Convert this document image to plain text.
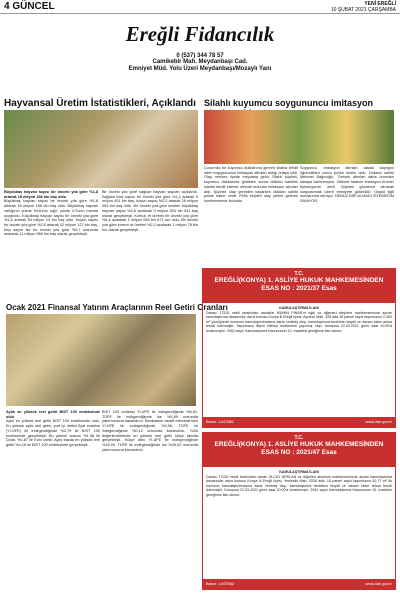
4 GÜNCEL	YENİ EREĞLİ
10 ŞUBAT 2021 ÇARŞAMBA
Ereğli Fidancılık
0 (537) 344 78 57
Camikebir Mah. Meydanbaşı Cad.
Emniyet Müd. Yolu Üzeri Meydanbaşı/Mozaylı Yanı
Hayvansal Üretim İstatistikleri, Açıklandı

Büyükbaş hayvan sayısı bir önceki yıla göre %1,8 artarak 18 milyon 158 bin baş oldu

Büyükbaş hayvan sayısı bir önceki yıla göre %1,8 artarak 18 milyon 158 bin baş oldu. Büyükbaş hayvan varlığının yüzde 94,6'sını sığır, yüzde 0,9'unu manda oluşturdu. Küçükbaş hayvan sayısı bir önceki yıla göre %1,8 artarak 54 milyon 13 bin baş oldu. Koyun sayısı bir önceki yıla göre %2,6 artarak 42 milyon 127 bin baş, keçi sayısı ise bir önceki yıla göre %0,7 oranında azalarak 11 milyon 986 bin baş olarak gerçekleşti.

Bir önceki yıla göre sağılan hayvan sayıları açıklandı. Sağılan inek sayısı bir önceki yıla göre %1,1 artarak 9 milyon 401 bin baş, koyun sayısı %2,2 artarak 26 milyon 463 bin baş oldu. Bir önceki yıla göre kesilen büyükbaş hayvan sayısı %4,6 azalarak 3 milyon 504 bin 811 baş olarak gerçekleşti. Kırmızı et üretimi bir önceki yıla göre %4,4 azalarak 1 milyon 054 bin 671 ton oldu. Bir önceki yıla göre kırmızı et üretimi %2,2 azalarak 1 milyon 78 bin ton olarak gerçekleşti.
Silahlı kuyumcu soygununcu imitasyon
Çorum'da bir kuyumcu dükkânına girerek silahla tehdit eden soyguncunun imitasyon altınları aldığı ortaya çıktı. Olay, merkez ilçede meydana geldi. Silahlı şüpheli, kuyumcu dükkânına girdikten sonra dükkan sahibini silahla tehdit ederek vitrinde bulunan imitasyon altınları aldı. Şüpheli olay yerinden kaçarken dükkan sahibi polise haber verdi. Polis ekipleri olay yerine gelerek incelemelerde bulundu.
Soyguncu, imitasyon altınları alarak kaçtığını öğrendikten sonra polise teslim oldu. Dükkan sahibi Mehmet Bağcıoğlu, 'Gerçek altınları daha önceden kasaya kaldırmıştım. Vitrinde sadece imitasyon ürünler bulunuyordu' dedi. Şüpheli gözaltına alınarak sorgulanmak üzere emniyete götürüldü. Olayla ilgili soruşturma sürüyor. HENÜZ BİRİ ALMADI İSTEMEDİM SANIYOR.
Ocak 2021 Finansal Yatırım Araçlarının Reel Getiri Oranları

Aylık en yüksek reel getiri BIST 100 endeksinde oldu

Aylık en yüksek reel getiri BIST 100 endeksinde oldu. En yüksek aylık reel getiri, yurt içi üretici fiyat endeksi (Yİ-ÜFE) ile indirgendiğinde %2,79 ile BIST 100 endeksinde gerçekleşti. Bu yatırım aracını %1,58 ile Dolar, %0,87 ile Euro izledi. Aylık bazda en yüksek reel getiri %4,16 ile BIST 100 endeksinde gerçekleşti.

BIST 100 endeksi Yİ-ÜFE ile indirgendiğinde %8,61, TÜFE ile indirgendiğinde ise %5,89 oranında yatırımcısına kazandırdı. Bankaların vadeli mevduat faizi Yİ-ÜFE ile indirgendiğinde %2,56, TÜFE ile indirgendiğinde %0,12 oranında kazandırdı. Yıllık değerlendirmede en yüksek reel getiri külçe altında gerçekleşti. Külçe altın Yİ-ÜFE ile indirgendiğinde %18,49, TÜFE ile indirgendiğinde ise %26,02 oranında yatırımcısına kazandırdı.
T.C.
EREĞLİ(KONYA) 1. ASLİYE HUKUK MAHKEMESİNDEN
ESAS NO : 2021/37 Esas

KAMULAŞTIRMA İLANI

Davacı TCDD vekili tarafından davalılar MUMİN PINAR'ın oğlu ve diğerleri aleyhine mahkememizde açılan kamulaştırma davasında; dava konusu Konya ili Ereğli ilçesi, Ayrancı Mah. 328 ada 18 parsel sayılı taşınmazın 2.300 m² yüzölçümlü kısmının kamulaştırılmasına karar verilmiş olup, kamulaştırma bedelinin tespiti ve davacı idare adına tescili istenmiştir. Taşınmaza ilişkin bilirkişi incelemesi yapılmış olup, duruşma 22.03.2021 günü saat 10:00'a bırakılmıştır. 2942 sayılı Kamulaştırma Kanununun 10. maddesi gereğince ilan olunur.

Basın: 1447861	www.ilan.gov.tr
T.C.
EREĞLİ(KONYA) 1. ASLİYE HUKUK MAHKEMESİNDEN
ESAS NO : 2021/47 Esas

KAMULAŞTIRMA İLANI

Davacı TCDD vekili tarafından davalı OLCAY ARSLAN ve diğerleri aleyhine mahkememizde açılan kamulaştırma davasında; dava konusu Konya ili Ereğli ilçesi, Yenicelik Mah. 3339 ada, 18 parsel sayılı taşınmazın 62,77 m² lik kısmının kamulaştırılmasına karar verilmiş olup, kamulaştırma bedelinin tespiti ve davacı idare adına tescili istenmiştir. Duruşma 22.03.2021 günü saat 10:00'a bırakılmıştır. 2942 sayılı Kamulaştırma Kanununun 10. maddesi gereğince ilan olunur.

Basın: 1447862	www.ilan.gov.tr
